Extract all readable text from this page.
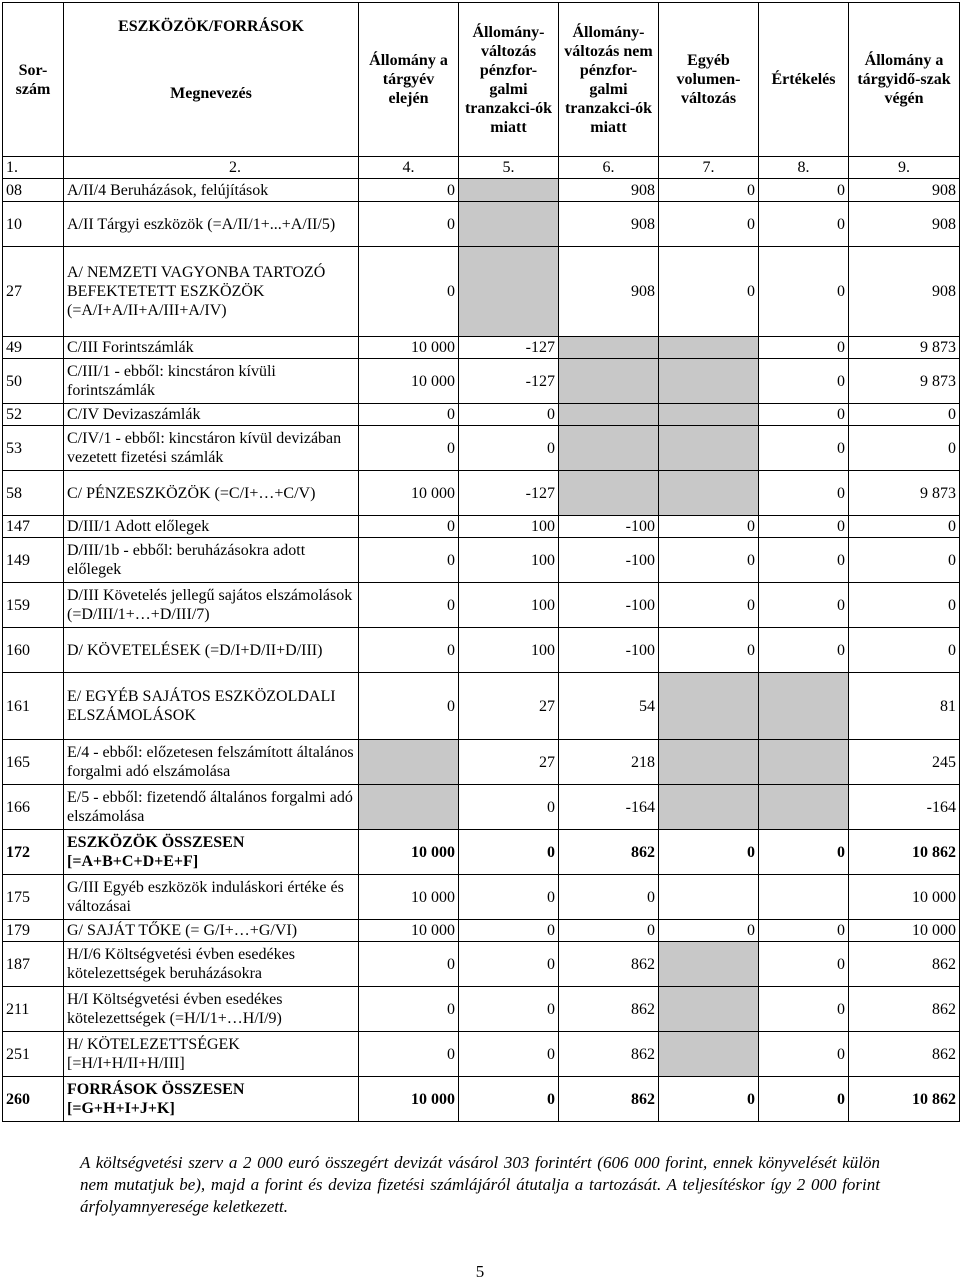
Sor-
szám	ESZKÖZÖK/FORRÁSOK
Megnevezés	Állomány a tárgyév elején	Állomány-változás pénzfor-galmi tranzakci-ók miatt	Állomány-változás nem pénzfor-galmi tranzakci-ók miatt	Egyéb volumen-változás	Értékelés	Állomány a tárgyidő-szak végén
1.	2.	4.	5.	6.	7.	8.	9.
08	A/II/4 Beruházások, felújítások	0		908	0	0	908
10	A/II Tárgyi eszközök (=A/II/1+...+A/II/5)	0		908	0	0	908
27	A/ NEMZETI VAGYONBA TARTOZÓ BEFEKTETETT ESZKÖZÖK (=A/I+A/II+A/III+A/IV)	0		908	0	0	908
49	C/III Forintszámlák	10 000	-127			0	9 873
50	C/III/1 - ebből: kincstáron kívüli forintszámlák	10 000	-127			0	9 873
52	C/IV Devizaszámlák	0	0			0	0
53	C/IV/1 - ebből: kincstáron kívül devizában vezetett fizetési számlák	0	0			0	0
58	C/ PÉNZESZKÖZÖK (=C/I+…+C/V)	10 000	-127			0	9 873
147	D/III/1 Adott előlegek	0	100	-100	0	0	0
149	D/III/1b - ebből: beruházásokra adott előlegek	0	100	-100	0	0	0
159	D/III Követelés jellegű sajátos elszámolások (=D/III/1+…+D/III/7)	0	100	-100	0	0	0
160	D/ KÖVETELÉSEK (=D/I+D/II+D/III)	0	100	-100	0	0	0
161	E/ EGYÉB SAJÁTOS ESZKÖZOLDALI ELSZÁMOLÁSOK	0	27	54			81
165	E/4 - ebből: előzetesen felszámított általános forgalmi adó elszámolása		27	218			245
166	E/5 - ebből: fizetendő általános forgalmi adó elszámolása		0	-164			-164
172	ESZKÖZÖK ÖSSZESEN [=A+B+C+D+E+F]	10 000	0	862	0	0	10 862
175	G/III Egyéb eszközök induláskori értéke és változásai	10 000	0	0			10 000
179	G/ SAJÁT TŐKE (= G/I+…+G/VI)	10 000	0	0	0	0	10 000
187	H/I/6 Költségvetési évben esedékes kötelezettségek beruházásokra	0	0	862		0	862
211	H/I Költségvetési évben esedékes kötelezettségek (=H/I/1+…H/I/9)	0	0	862		0	862
251	H/ KÖTELEZETTSÉGEK [=H/I+H/II+H/III]	0	0	862		0	862
260	FORRÁSOK ÖSSZESEN [=G+H+I+J+K]	10 000	0	862	0	0	10 862
A költségvetési szerv a 2 000 euró összegért devizát vásárol 303 forintért (606 000 forint, ennek könyvelését külön nem mutatjuk be), majd a forint és deviza fizetési számlájáról átutalja a tartozását. A teljesítéskor így 2 000 forint árfolyamnyeresége keletkezett.
5
